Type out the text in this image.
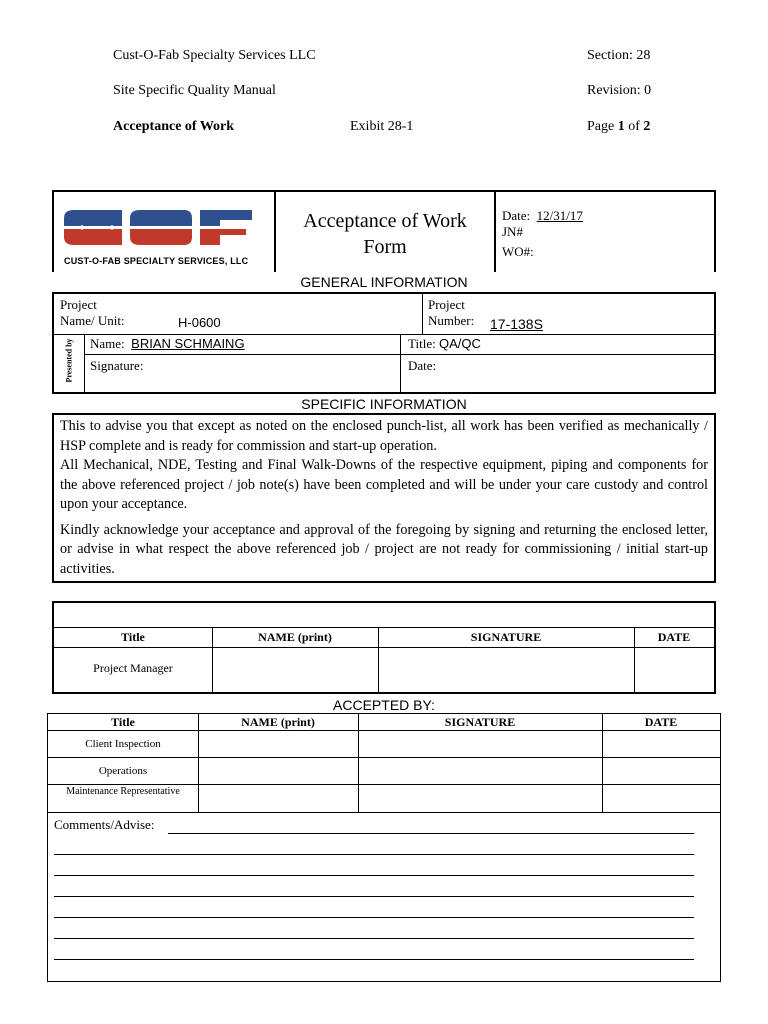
Cust-O-Fab Specialty Services LLC	Section: 28
Site Specific Quality Manual	Revision: 0
Acceptance of Work	Exibit 28-1	Page 1 of 2
CUST-O-FAB SPECIALTY SERVICES, LLC
Acceptance of Work
Form
Date: 12/31/17
JN#
WO#:
GENERAL INFORMATION
Project
Name/ Unit:	H-0600
Project
Number: 17-138S
Presented by Name: BRIAN SCHMAING	Title: QA/QC
Signature:	Date:
SPECIFIC INFORMATION
This to advise you that except as noted on the enclosed punch-list, all work has been verified as mechanically / HSP complete and is ready for commission and start-up operation.
All Mechanical, NDE, Testing and Final Walk-Downs of the respective equipment, piping and components for the above referenced project / job note(s) have been completed and will be under your care custody and control upon your acceptance.
Kindly acknowledge your acceptance and approval of the foregoing by signing and returning the enclosed letter, or advise in what respect the above referenced job / project are not ready for commissioning / initial start-up activities.
Title	NAME (print)	SIGNATURE	DATE
Project Manager
ACCEPTED BY:
Title	NAME (print)	SIGNATURE	DATE
Client Inspection
Operations
Maintenance Representative
Comments/Advise:
